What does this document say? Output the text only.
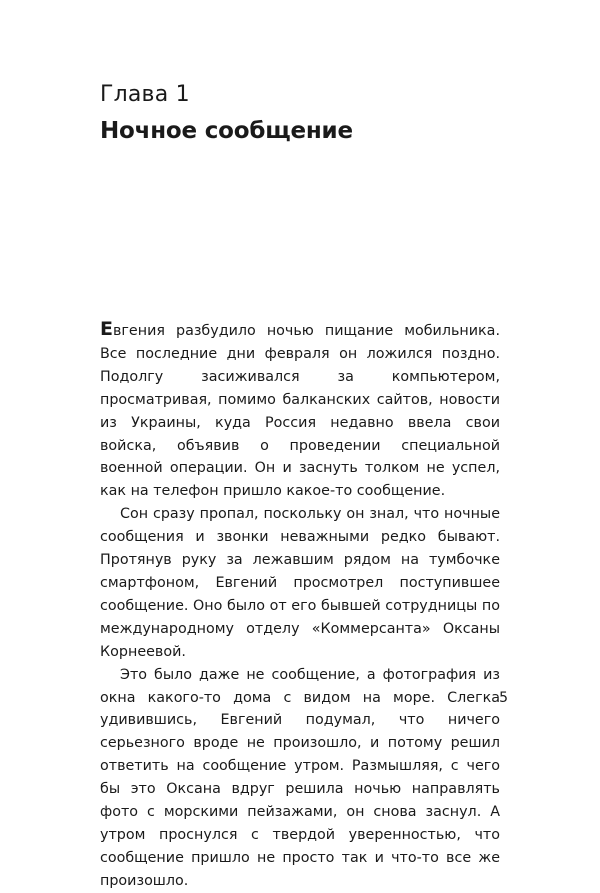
Глава 1
Ночное сообщение

Евгения разбудило ночью пищание мобильника. Все последние дни февраля он ложился поздно. Подолгу засиживался за компьютером, просматривая, помимо балканских сайтов, новости из Украины, куда Россия недавно ввела свои войска, объявив о проведении специальной военной операции. Он и заснуть толком не успел, как на телефон пришло какое-то сообщение.

Сон сразу пропал, поскольку он знал, что ночные сообщения и звонки неважными редко бывают. Протянув руку за лежавшим рядом на тумбочке смартфоном, Евгений просмотрел поступившее сообщение. Оно было от его бывшей сотрудницы по международному отделу «Коммерсанта» Оксаны Корнеевой.

Это было даже не сообщение, а фотография из окна какого-то дома с видом на море. Слегка удивившись, Евгений подумал, что ничего серьезного вроде не произошло, и потому решил ответить на сообщение утром. Размышляя, с чего бы это Оксана вдруг решила ночью направлять фото с морскими пейзажами, он снова заснул. А утром проснулся с твердой уверенностью, что сообщение пришло не просто так и что-то все же произошло.

5
